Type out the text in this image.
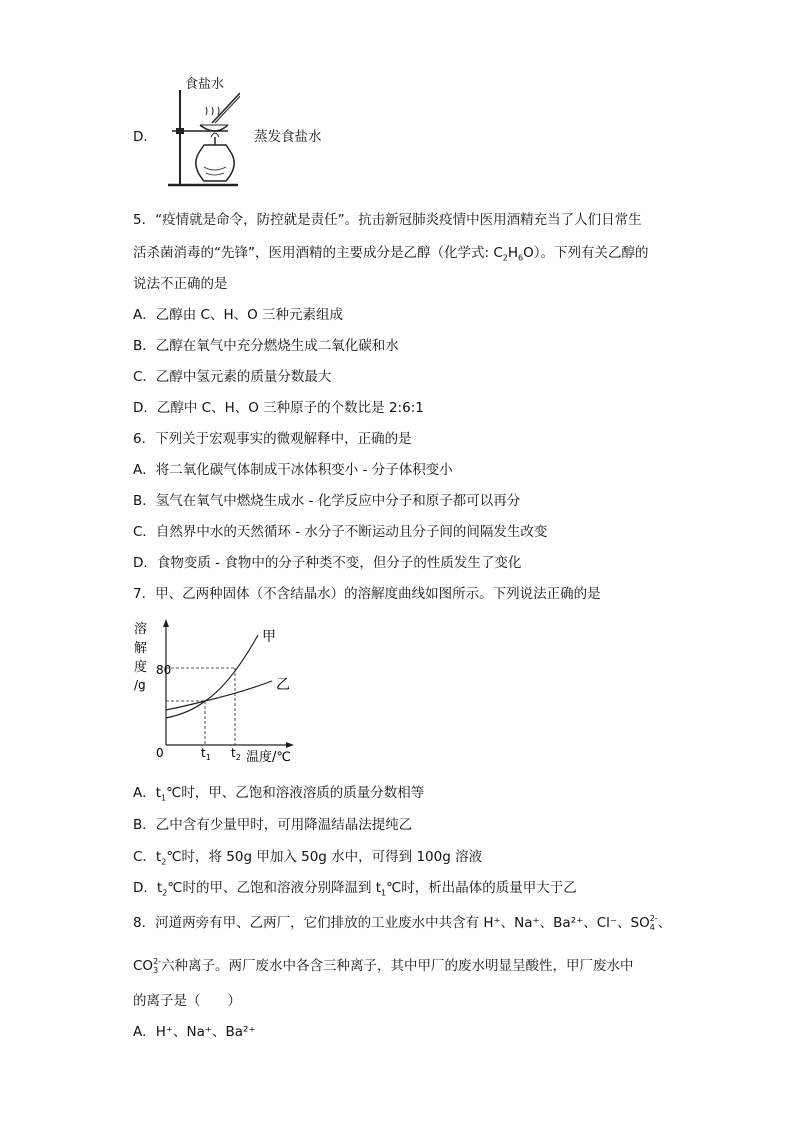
D．
食盐水
蒸发食盐水
5．“疫情就是命令，防控就是责任”。抗击新冠肺炎疫情中医用酒精充当了人们日常生
活杀菌消毒的“先锋”，医用酒精的主要成分是乙醇（化学式: $C_2H_6O$）。下列有关乙醇的
说法不正确的是
A．乙醇由 C、H、O 三种元素组成
B．乙醇在氧气中充分燃烧生成二氧化碳和水
C．乙醇中氢元素的质量分数最大
D．乙醇中 C、H、O 三种原子的个数比是 2:6:1
6．下列关于宏观事实的微观解释中，正确的是
A．将二氧化碳气体制成干冰体积变小 - 分子体积变小
B．氢气在氧气中燃烧生成水 - 化学反应中分子和原子都可以再分
C．自然界中水的天然循环 - 水分子不断运动且分子间的间隔发生改变
D．食物变质 - 食物中的分子种类不变，但分子的性质发生了变化
7．甲、乙两种固体（不含结晶水）的溶解度曲线如图所示。下列说法正确的是
溶
解
度
/g
80
0
甲
乙
$t_1$ $t_2$ 温度/℃
A．$t_1℃$时，甲、乙饱和溶液溶质的质量分数相等
B．乙中含有少量甲时，可用降温结晶法提纯乙
C．$t_2℃$时，将 50g 甲加入 50g 水中，可得到 100g 溶液
D．$t_2℃$时的甲、乙饱和溶液分别降温到 $t_1℃$时，析出晶体的质量甲大于乙
8．河道两旁有甲、乙两厂，它们排放的工业废水中共含有 H⁺、Na⁺、Ba²⁺、Cl⁻、SO 2-
4 、
CO 2-
3 六种离子。两厂废水中各含三种离子，其中甲厂的废水明显呈酸性，甲厂废水中
的离子是（　　）
A．H⁺、Na⁺、Ba²⁺
